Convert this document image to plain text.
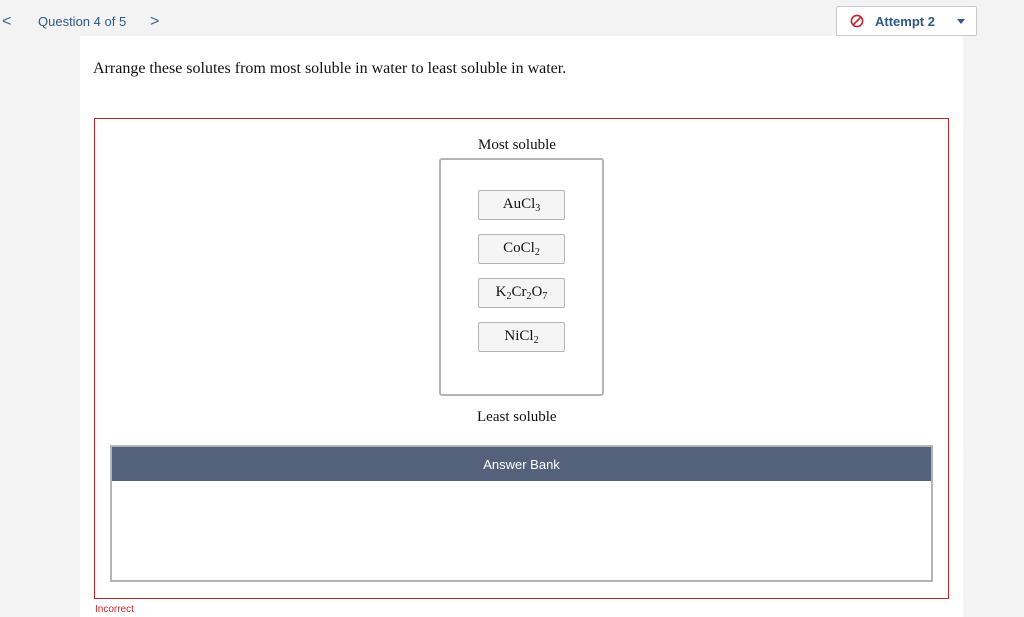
< Question 4 of 5 >	Attempt 2
Arrange these solutes from most soluble in water to least soluble in water.
Most soluble
AuCl$_3$
CoCl$_2$
$K_2Cr_2O_7$
NiCl$_2$
Least soluble
Answer Bank
Incorrect
